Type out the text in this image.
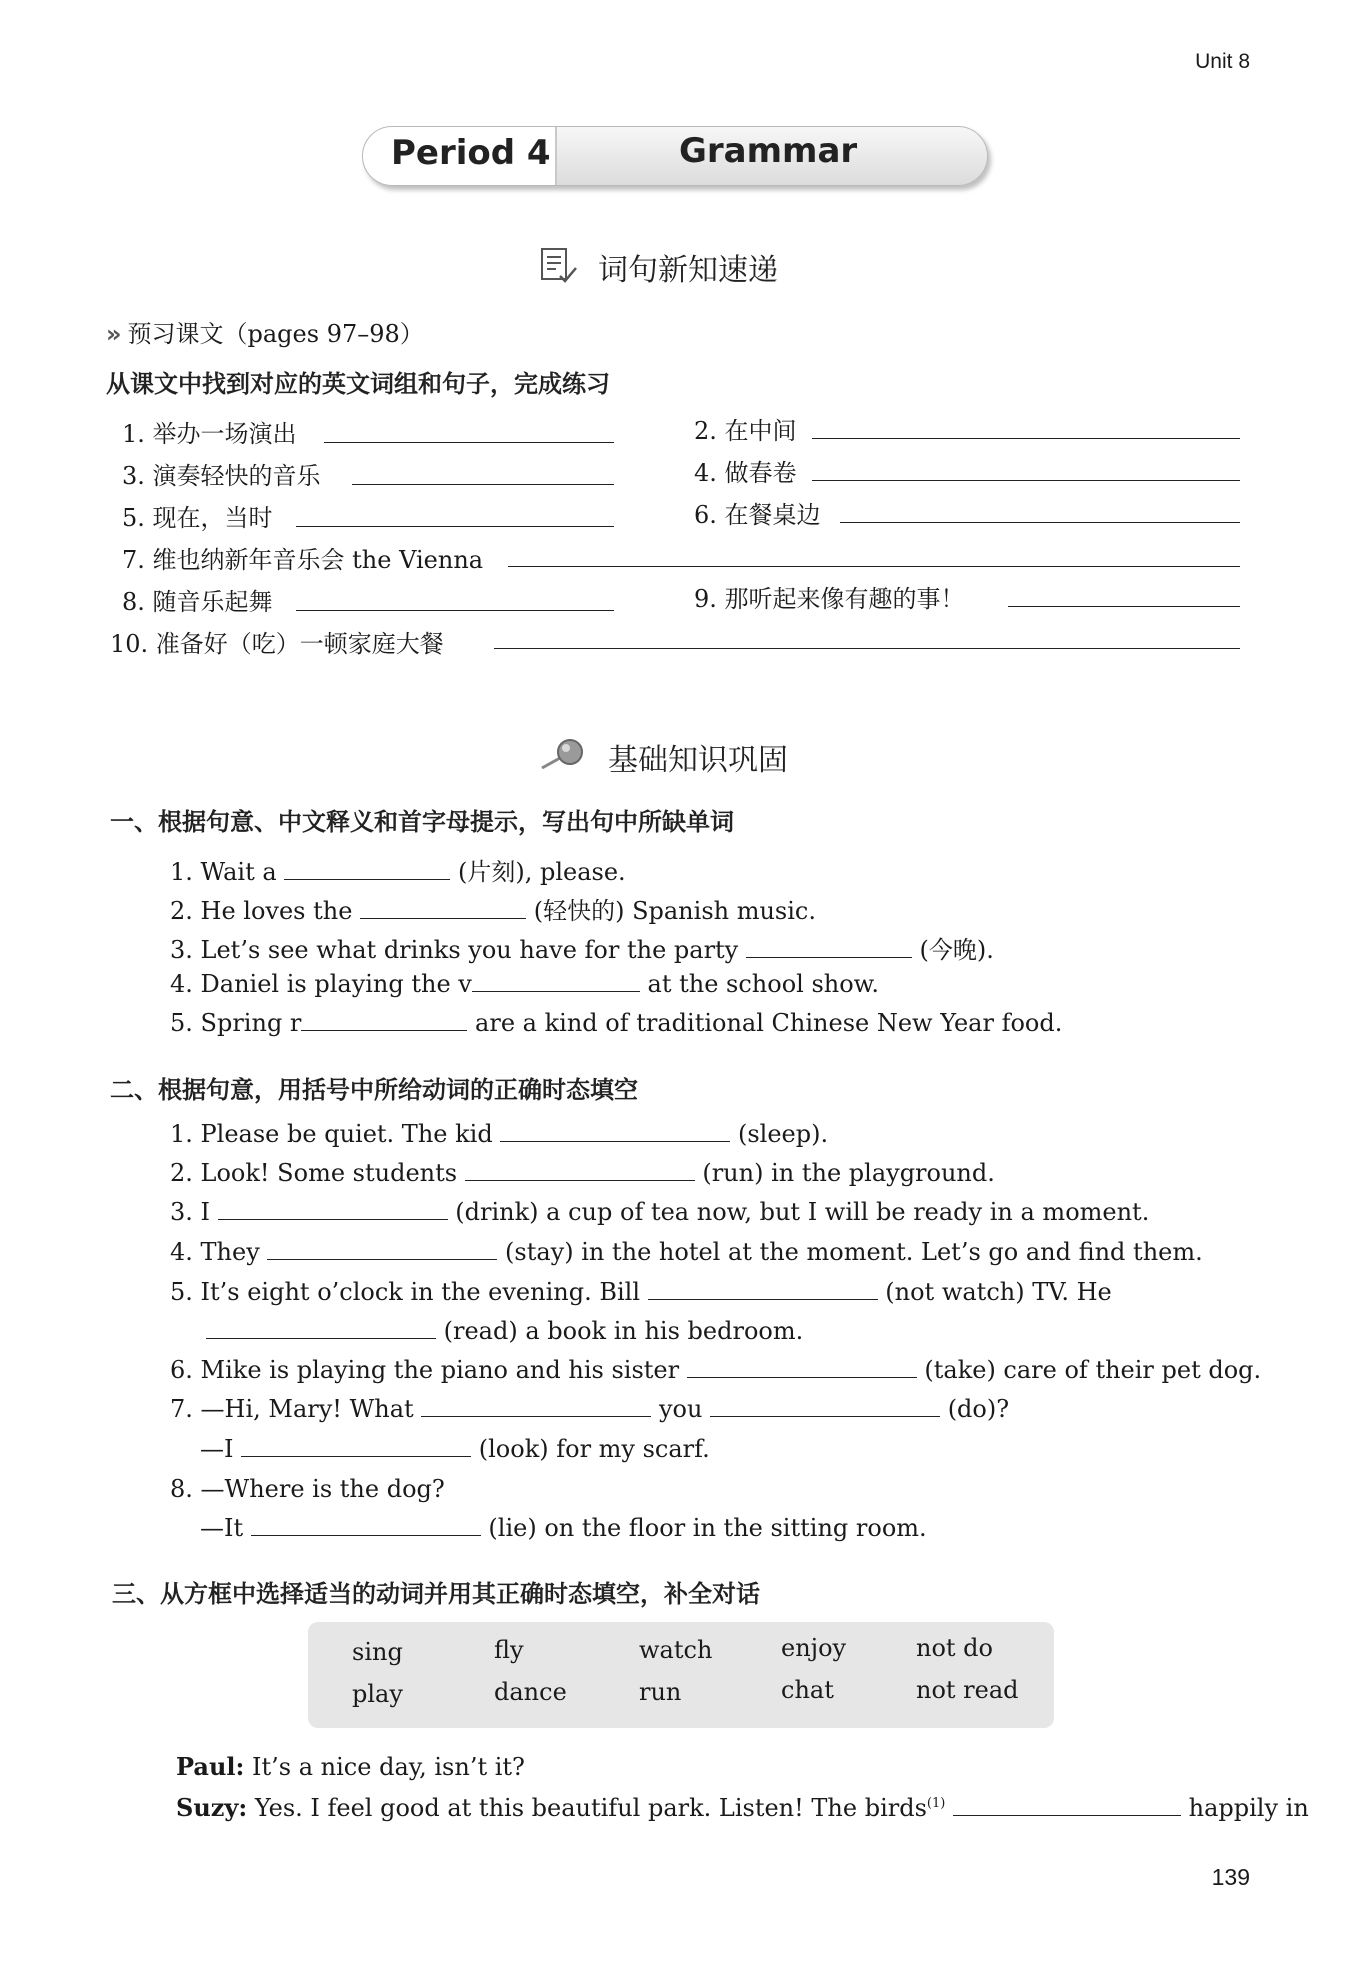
Unit 8
Period 4	Grammar
词句新知速递
» 预习课文（pages 97–98）
从课文中找到对应的英文词组和句子，完成练习
1. 举办一场演出	2. 在中间
3. 演奏轻快的音乐	4. 做春卷
5. 现在，当时	6. 在餐桌边
7. 维也纳新年音乐会 the Vienna
8. 随音乐起舞	9. 那听起来像有趣的事！
10. 准备好（吃）一顿家庭大餐
基础知识巩固
一、根据句意、中文释义和首字母提示，写出句中所缺单词
1. Wait a	(片刻), please.
2. He loves the	(轻快的) Spanish music.
3. Let’s see what drinks you have for the party	(今晚).
4. Daniel is playing the v	at the school show.
5. Spring r	are a kind of traditional Chinese New Year food.
二、根据句意，用括号中所给动词的正确时态填空
1. Please be quiet. The kid	(sleep).
2. Look! Some students	(run) in the playground.
3. I	(drink) a cup of tea now, but I will be ready in a moment.
4. They	(stay) in the hotel at the moment. Let’s go and find them.
5. It’s eight o’clock in the evening. Bill	(not watch) TV. He
(read) a book in his bedroom.
6. Mike is playing the piano and his sister	(take) care of their pet dog.
7. —Hi, Mary! What	you	(do)?
—I	(look) for my scarf.
8. —Where is the dog?
—It	(lie) on the floor in the sitting room.
三、从方框中选择适当的动词并用其正确时态填空，补全对话
sing	fly	watch	enjoy	not do
play	dance	run	chat	not read
Paul: It’s a nice day, isn’t it?
Suzy: Yes. I feel good at this beautiful park. Listen! The birds$^{(1)}$	happily in
139
